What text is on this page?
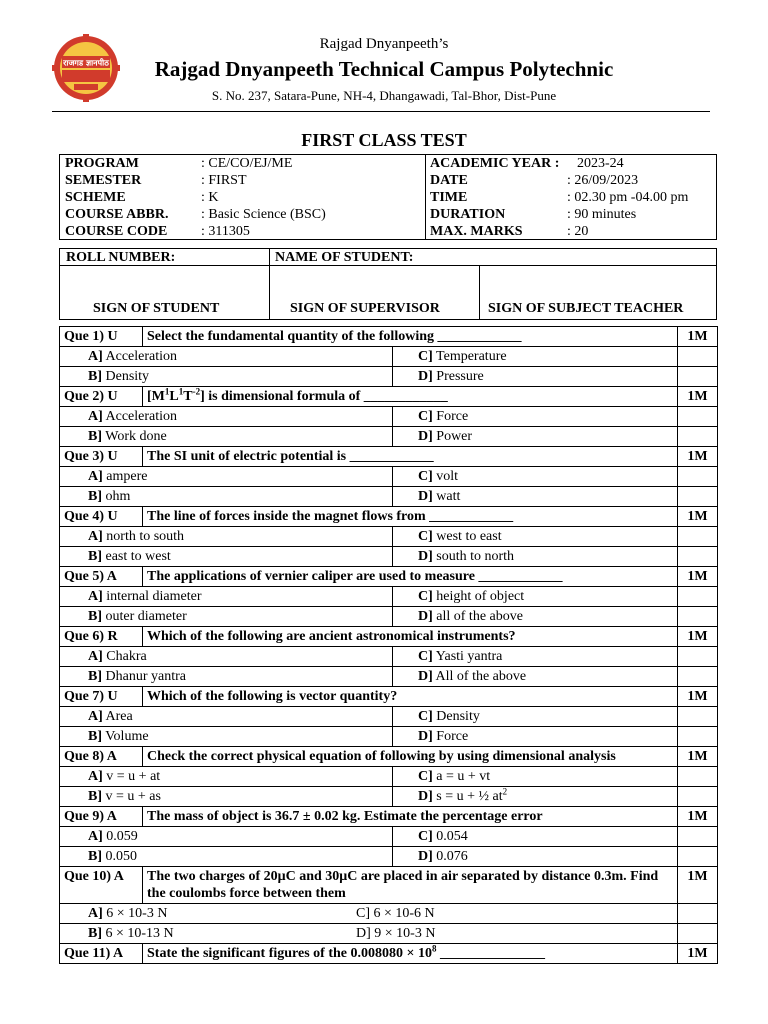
राजगड ज्ञानपीठ
Rajgad Dnyanpeeth’s
Rajgad Dnyanpeeth Technical Campus Polytechnic
S. No. 237, Satara-Pune, NH-4, Dhangawadi, Tal-Bhor, Dist-Pune
FIRST CLASS TEST
PROGRAM	: CE/CO/EJ/ME
SEMESTER	: FIRST
SCHEME	: K
COURSE ABBR. : Basic Science (BSC)
COURSE CODE : 311305
ACADEMIC YEAR : 2023-24
DATE	: 26/09/2023
TIME	: 02.30 pm -04.00 pm
DURATION	: 90 minutes
MAX. MARKS	: 20
ROLL NUMBER:	NAME OF STUDENT:
SIGN OF STUDENT	SIGN OF SUPERVISOR	SIGN OF SUBJECT TEACHER
Que 1) U	Select the fundamental quantity of the following ____________		1M
A] Acceleration		C] Temperature	
B] Density		D] Pressure	
Que 2) U	$[M^1L^1T^{-2}]$ is dimensional formula of ____________		1M
A] Acceleration		C] Force	
B] Work done		D] Power	
Que 3) U	The SI unit of electric potential is ____________		1M
A] ampere		C] volt	
B] ohm		D] watt	
Que 4) U	The line of forces inside the magnet flows from ____________		1M
A] north to south		C] west to east	
B] east to west		D] south to north	
Que 5) A	The applications of vernier caliper are used to measure ____________		1M
A] internal diameter		C] height of object	
B] outer diameter		D] all of the above	
Que 6) R	Which of the following are ancient astronomical instruments?		1M
A] Chakra		C] Yasti yantra	
B] Dhanur yantra		D] All of the above	
Que 7) U	Which of the following is vector quantity?		1M
A] Area		C] Density	
B] Volume		D] Force	
Que 8) A	Check the correct physical equation of following by using dimensional analysis		1M
A] v = u + at		C] a = u + vt	
B] v = u + as		D] s = u + ½ $at^2$	
Que 9) A	The mass of object is 36.7 ± 0.02 kg. Estimate the percentage error		1M
A] 0.059		C] 0.054	
B] 0.050		D] 0.076	
Que 10) A	The two charges of 20μC and 30μC are placed in air separated by distance 0.3m. Find the coulombs force between them		1M
A] 6 × 10-3 N C] 6 × 10-6 N			
B] 6 × 10-13 N D] 9 × 10-3 N			
Que 11) A	State the significant figures of the $0.008080 \times 10^8$ _______________		1M
